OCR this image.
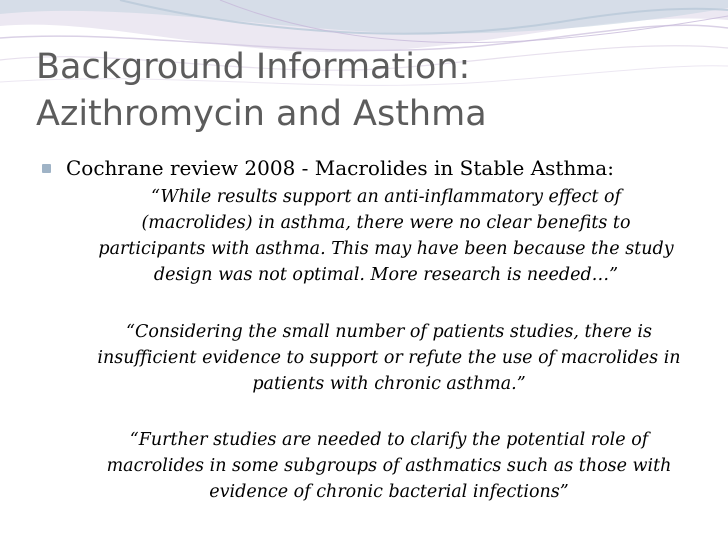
Background Information:
Azithromycin and Asthma
Cochrane review 2008 - Macrolides in Stable Asthma:

“While results support an anti-inflammatory effect of (macrolides) in asthma, there were no clear benefits to participants with asthma. This may have been because the study design was not optimal. More research is needed…”

“Considering the small number of patients studies, there is insufficient evidence to support or refute the use of macrolides in patients with chronic asthma.”

“Further studies are needed to clarify the potential role of macrolides in some subgroups of asthmatics such as those with evidence of chronic bacterial infections”
